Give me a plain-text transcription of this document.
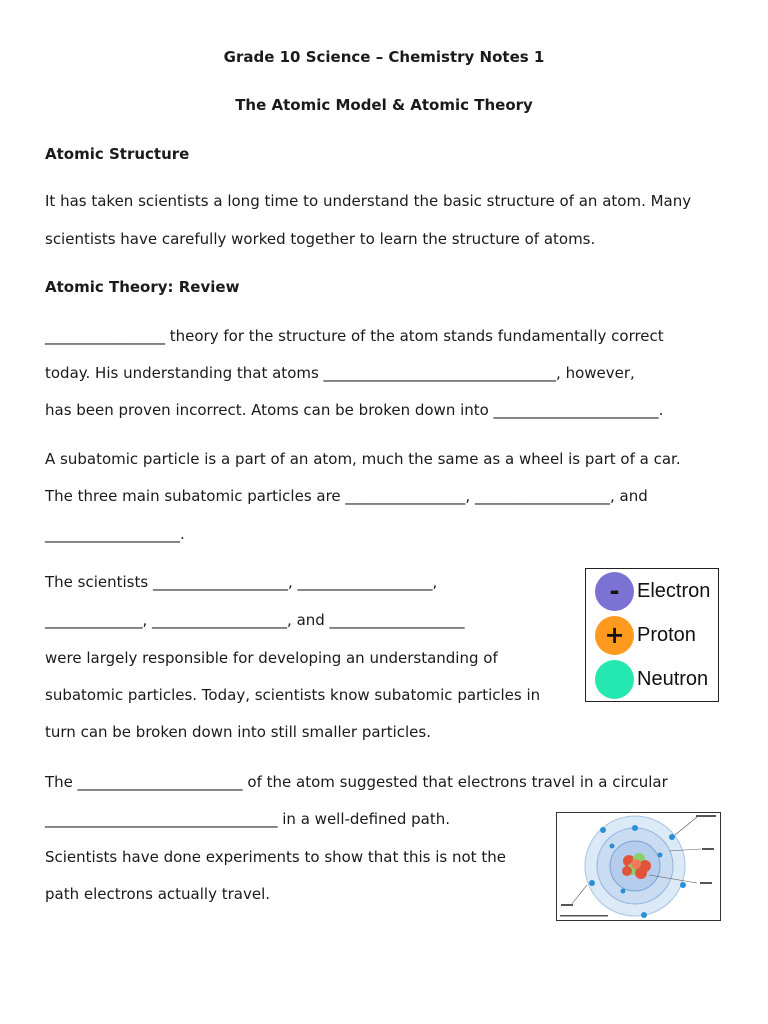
Grade 10 Science – Chemistry Notes 1
The Atomic Model & Atomic Theory
Atomic Structure
It has taken scientists a long time to understand the basic structure of an atom. Many
scientists have carefully worked together to learn the structure of atoms.
Atomic Theory: Review
________________ theory for the structure of the atom stands fundamentally correct
today. His understanding that atoms _______________________________, however,
has been proven incorrect. Atoms can be broken down into ______________________.
A subatomic particle is a part of an atom, much the same as a wheel is part of a car.
The three main subatomic particles are ________________, __________________, and
__________________.
The scientists __________________, __________________,
_____________, __________________, and __________________
were largely responsible for developing an understanding of
subatomic particles. Today, scientists know subatomic particles in
turn can be broken down into still smaller particles.
The ______________________ of the atom suggested that electrons travel in a circular
_______________________________ in a well-defined path.
Scientists have done experiments to show that this is not the
path electrons actually travel.
- Electron
+ Proton
Neutron
